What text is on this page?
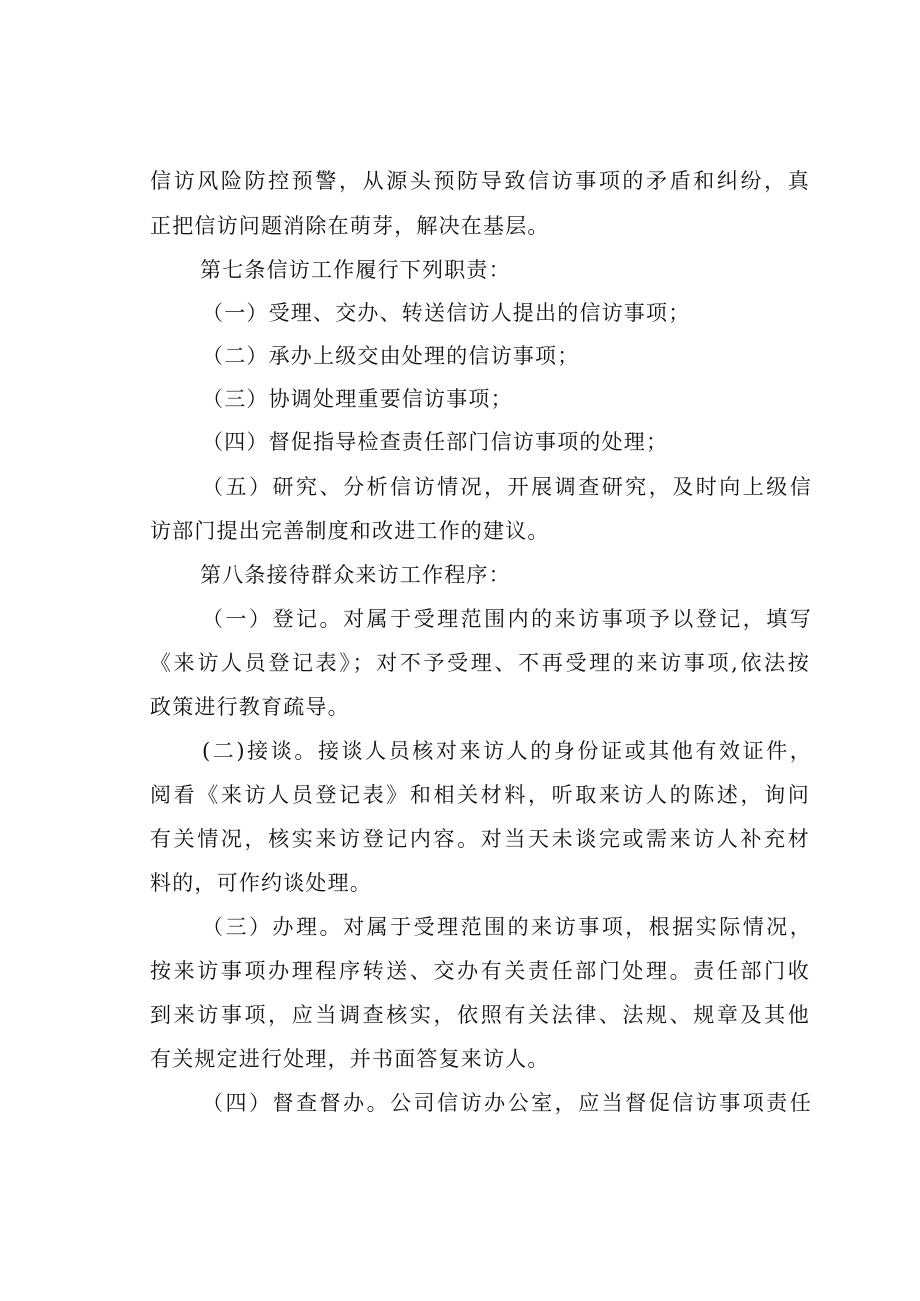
信访风险防控预警，从源头预防导致信访事项的矛盾和纠纷，真
正把信访问题消除在萌芽，解决在基层。
第七条信访工作履行下列职责：
（一）受理、交办、转送信访人提出的信访事项；
（二）承办上级交由处理的信访事项；
（三）协调处理重要信访事项；
（四）督促指导检查责任部门信访事项的处理；
（五）研究、分析信访情况，开展调查研究，及时向上级信
访部门提出完善制度和改进工作的建议。
第八条接待群众来访工作程序：
（一）登记。对属于受理范围内的来访事项予以登记，填写
《来访人员登记表》；对不予受理、不再受理的来访事项,依法按
政策进行教育疏导。
(二)接谈。接谈人员核对来访人的身份证或其他有效证件，
阅看《来访人员登记表》和相关材料，听取来访人的陈述，询问
有关情况，核实来访登记内容。对当天未谈完或需来访人补充材
料的，可作约谈处理。
（三）办理。对属于受理范围的来访事项，根据实际情况，
按来访事项办理程序转送、交办有关责任部门处理。责任部门收
到来访事项，应当调查核实，依照有关法律、法规、规章及其他
有关规定进行处理，并书面答复来访人。
（四）督查督办。公司信访办公室，应当督促信访事项责任
